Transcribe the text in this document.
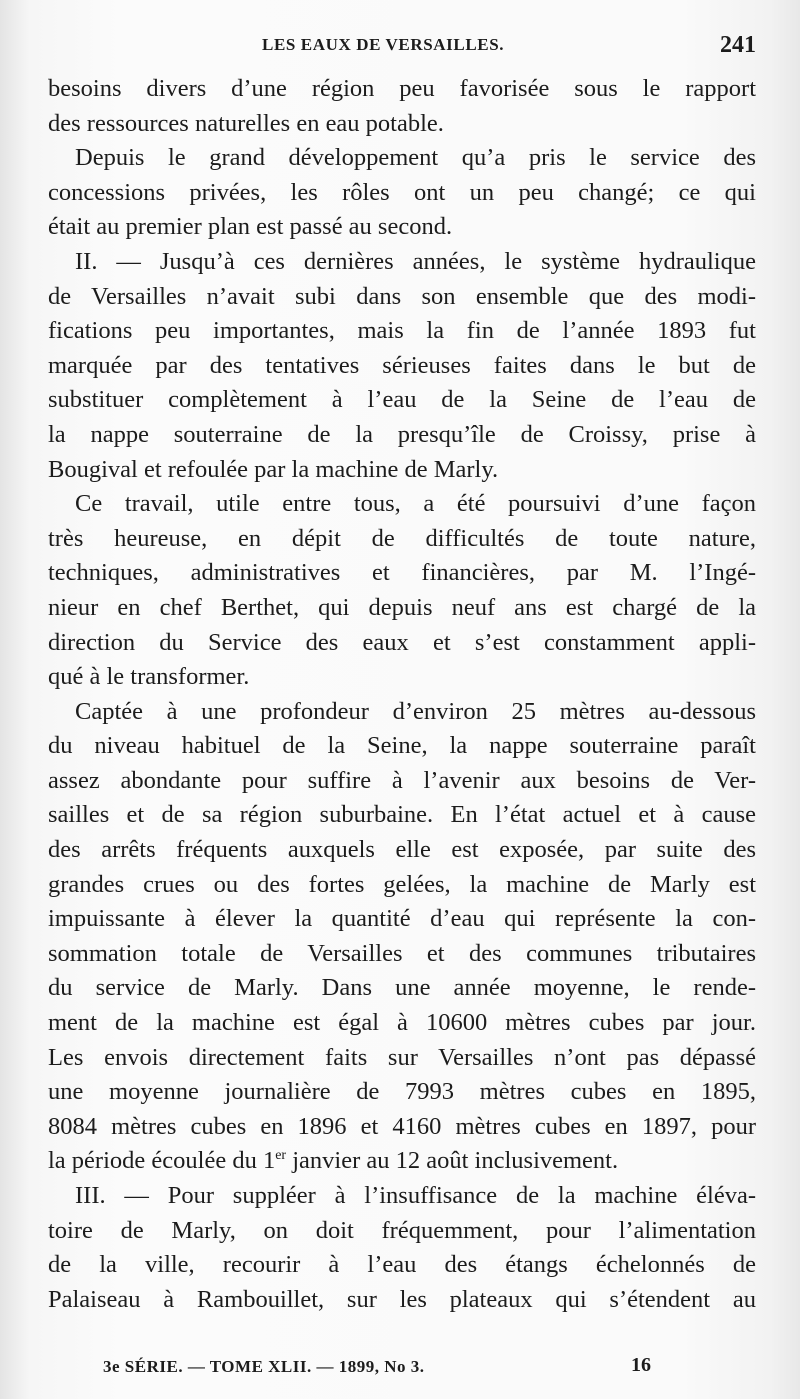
LES EAUX DE VERSAILLES.	241
besoins divers d’une région peu favorisée sous le rapport
des ressources naturelles en eau potable.
Depuis le grand développement qu’a pris le service des
concessions privées, les rôles ont un peu changé; ce qui
était au premier plan est passé au second.
II. — Jusqu’à ces dernières années, le système hydraulique
de Versailles n’avait subi dans son ensemble que des modi-
fications peu importantes, mais la fin de l’année 1893 fut
marquée par des tentatives sérieuses faites dans le but de
substituer complètement à l’eau de la Seine de l’eau de
la nappe souterraine de la presqu’île de Croissy, prise à
Bougival et refoulée par la machine de Marly.
Ce travail, utile entre tous, a été poursuivi d’une façon
très heureuse, en dépit de difficultés de toute nature,
techniques, administratives et financières, par M. l’Ingé-
nieur en chef Berthet, qui depuis neuf ans est chargé de la
direction du Service des eaux et s’est constamment appli-
qué à le transformer.
Captée à une profondeur d’environ 25 mètres au-dessous
du niveau habituel de la Seine, la nappe souterraine paraît
assez abondante pour suffire à l’avenir aux besoins de Ver-
sailles et de sa région suburbaine. En l’état actuel et à cause
des arrêts fréquents auxquels elle est exposée, par suite des
grandes crues ou des fortes gelées, la machine de Marly est
impuissante à élever la quantité d’eau qui représente la con-
sommation totale de Versailles et des communes tributaires
du service de Marly. Dans une année moyenne, le rende-
ment de la machine est égal à 10600 mètres cubes par jour.
Les envois directement faits sur Versailles n’ont pas dépassé
une moyenne journalière de 7993 mètres cubes en 1895,
8084 mètres cubes en 1896 et 4160 mètres cubes en 1897, pour
la période écoulée du 1er janvier au 12 août inclusivement.
III. — Pour suppléer à l’insuffisance de la machine éléva-
toire de Marly, on doit fréquemment, pour l’alimentation
de la ville, recourir à l’eau des étangs échelonnés de
Palaiseau à Rambouillet, sur les plateaux qui s’étendent au
3e SÉRIE. — TOME XLII. — 1899, No 3.	16
